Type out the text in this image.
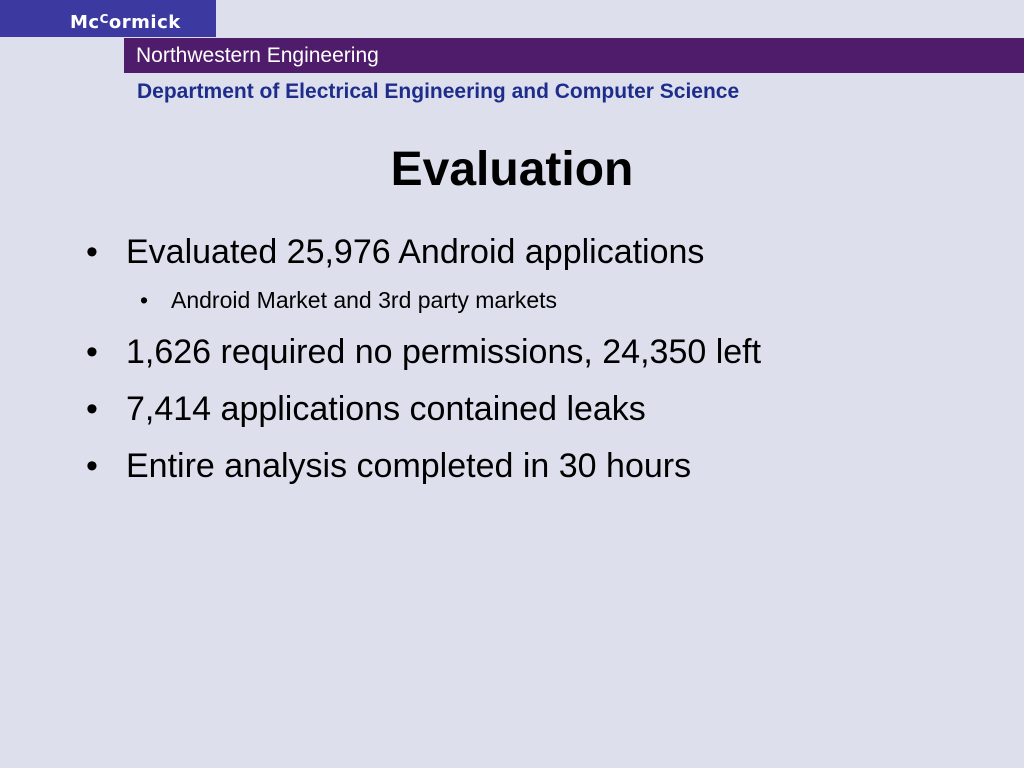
$Mc^Cormick$
Northwestern Engineering
Department of Electrical Engineering and Computer Science
Evaluation
• Evaluated 25,976 Android applications
• Android Market and 3rd party markets
• 1,626 required no permissions, 24,350 left
• 7,414 applications contained leaks
• Entire analysis completed in 30 hours
